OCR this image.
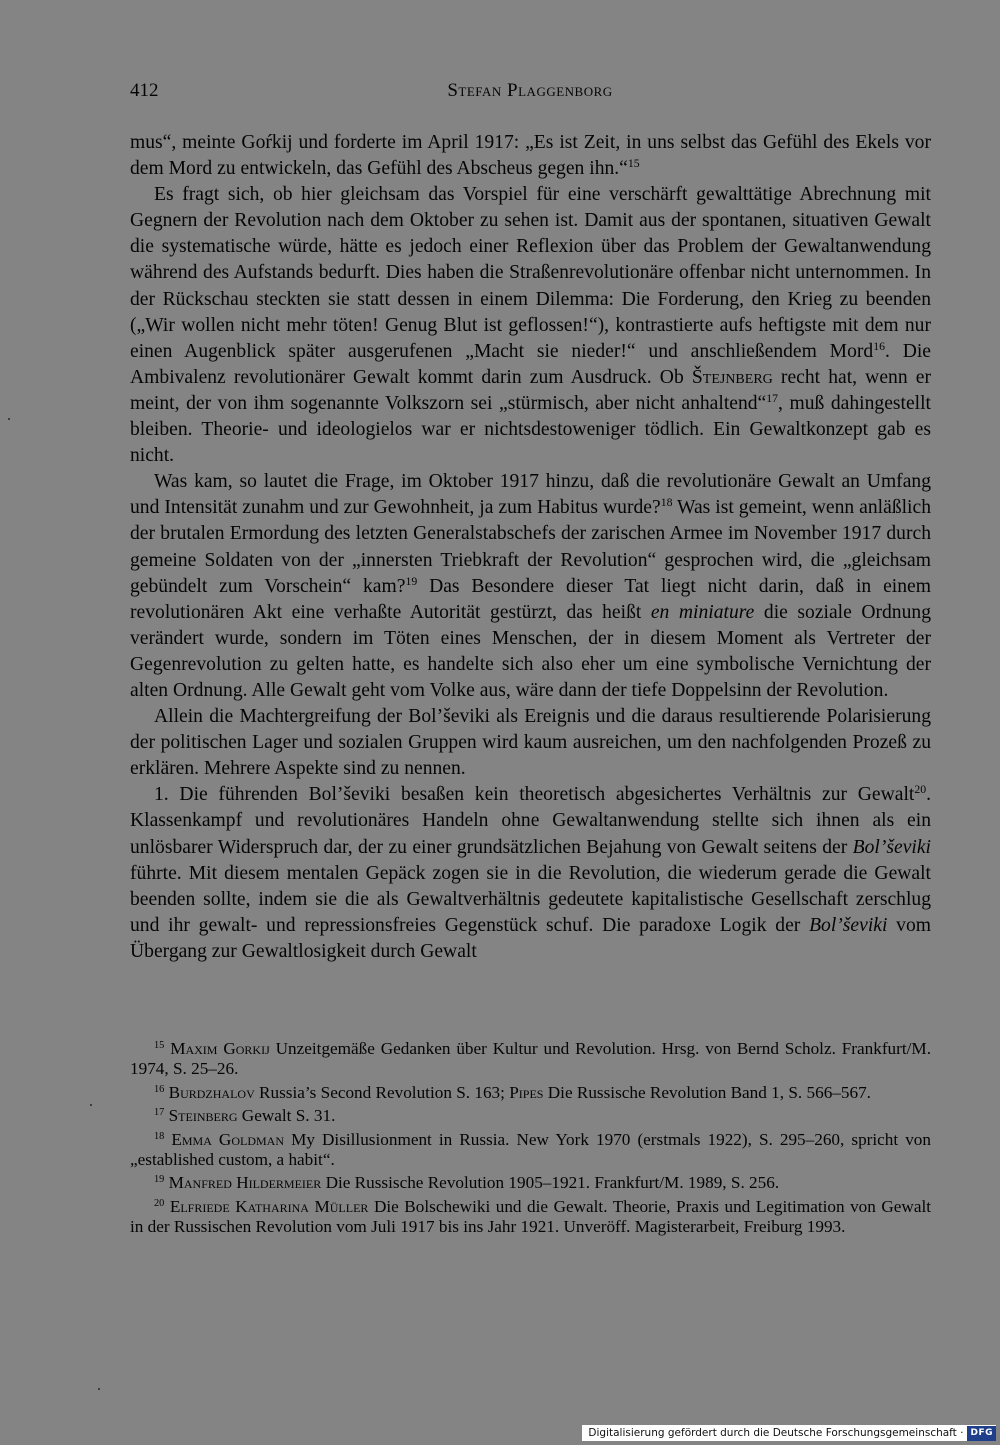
412	Stefan Plaggenborg

mus“, meinte Goŕkij und forderte im April 1917: „Es ist Zeit, in uns selbst das Gefühl des Ekels vor dem Mord zu entwickeln, das Gefühl des Abscheus gegen ihn.“$^{15}$

Es fragt sich, ob hier gleichsam das Vorspiel für eine verschärft gewalttätige Abrechnung mit Gegnern der Revolution nach dem Oktober zu sehen ist. Damit aus der spontanen, situativen Gewalt die systematische würde, hätte es jedoch einer Reflexion über das Problem der Gewaltanwendung während des Aufstands bedurft. Dies haben die Straßenrevolutionäre offenbar nicht unternommen. In der Rückschau steckten sie statt dessen in einem Dilemma: Die Forderung, den Krieg zu beenden („Wir wollen nicht mehr töten! Genug Blut ist geflossen!“), kontrastierte aufs heftigste mit dem nur einen Augenblick später ausgerufenen „Macht sie nieder!“ und anschließendem Mord$^{16}$. Die Ambivalenz revolutionärer Gewalt kommt darin zum Ausdruck. Ob Štejnberg recht hat, wenn er meint, der von ihm sogenannte Volkszorn sei „stürmisch, aber nicht anhaltend“$^{17}$, muß dahingestellt bleiben. Theorie- und ideologielos war er nichtsdestoweniger tödlich. Ein Gewaltkonzept gab es nicht.

Was kam, so lautet die Frage, im Oktober 1917 hinzu, daß die revolutionäre Gewalt an Umfang und Intensität zunahm und zur Gewohnheit, ja zum Habitus wurde?$^{18}$ Was ist gemeint, wenn anläßlich der brutalen Ermordung des letzten Generalstabschefs der zarischen Armee im November 1917 durch gemeine Soldaten von der „innersten Triebkraft der Revolution“ gesprochen wird, die „gleichsam gebündelt zum Vorschein“ kam?$^{19}$ Das Besondere dieser Tat liegt nicht darin, daß in einem revolutionären Akt eine verhaßte Autorität gestürzt, das heißt en miniature die soziale Ordnung verändert wurde, sondern im Töten eines Menschen, der in diesem Moment als Vertreter der Gegenrevolution zu gelten hatte, es handelte sich also eher um eine symbolische Vernichtung der alten Ordnung. Alle Gewalt geht vom Volke aus, wäre dann der tiefe Doppelsinn der Revolution.

Allein die Machtergreifung der Bol’ševiki als Ereignis und die daraus resultierende Polarisierung der politischen Lager und sozialen Gruppen wird kaum ausreichen, um den nachfolgenden Prozeß zu erklären. Mehrere Aspekte sind zu nennen.

1. Die führenden Bol’ševiki besaßen kein theoretisch abgesichertes Verhältnis zur Gewalt$^{20}$. Klassenkampf und revolutionäres Handeln ohne Gewaltanwendung stellte sich ihnen als ein unlösbarer Widerspruch dar, der zu einer grundsätzlichen Bejahung von Gewalt seitens der Bol’ševiki führte. Mit diesem mentalen Gepäck zogen sie in die Revolution, die wiederum gerade die Gewalt beenden sollte, indem sie die als Gewaltverhältnis gedeutete kapitalistische Gesellschaft zerschlug und ihr gewalt- und repressionsfreies Gegenstück schuf. Die paradoxe Logik der Bol’ševiki vom Übergang zur Gewaltlosigkeit durch Gewalt

$^{15}$ Maxim Gorkij Unzeitgemäße Gedanken über Kultur und Revolution. Hrsg. von Bernd Scholz. Frankfurt/M. 1974, S. 25–26.

$^{16}$ Burdzhalov Russia’s Second Revolution S. 163; Pipes Die Russische Revolution Band 1, S. 566–567.

$^{17}$ Steinberg Gewalt S. 31.

$^{18}$ Emma Goldman My Disillusionment in Russia. New York 1970 (erstmals 1922), S. 295–260, spricht von „established custom, a habit“.

$^{19}$ Manfred Hildermeier Die Russische Revolution 1905–1921. Frankfurt/M. 1989, S. 256.

$^{20}$ Elfriede Katharina Müller Die Bolschewiki und die Gewalt. Theorie, Praxis und Legitimation von Gewalt in der Russischen Revolution vom Juli 1917 bis ins Jahr 1921. Unveröff. Magisterarbeit, Freiburg 1993.

Digitalisierung gefördert durch die Deutsche Forschungsgemeinschaft · DFG
